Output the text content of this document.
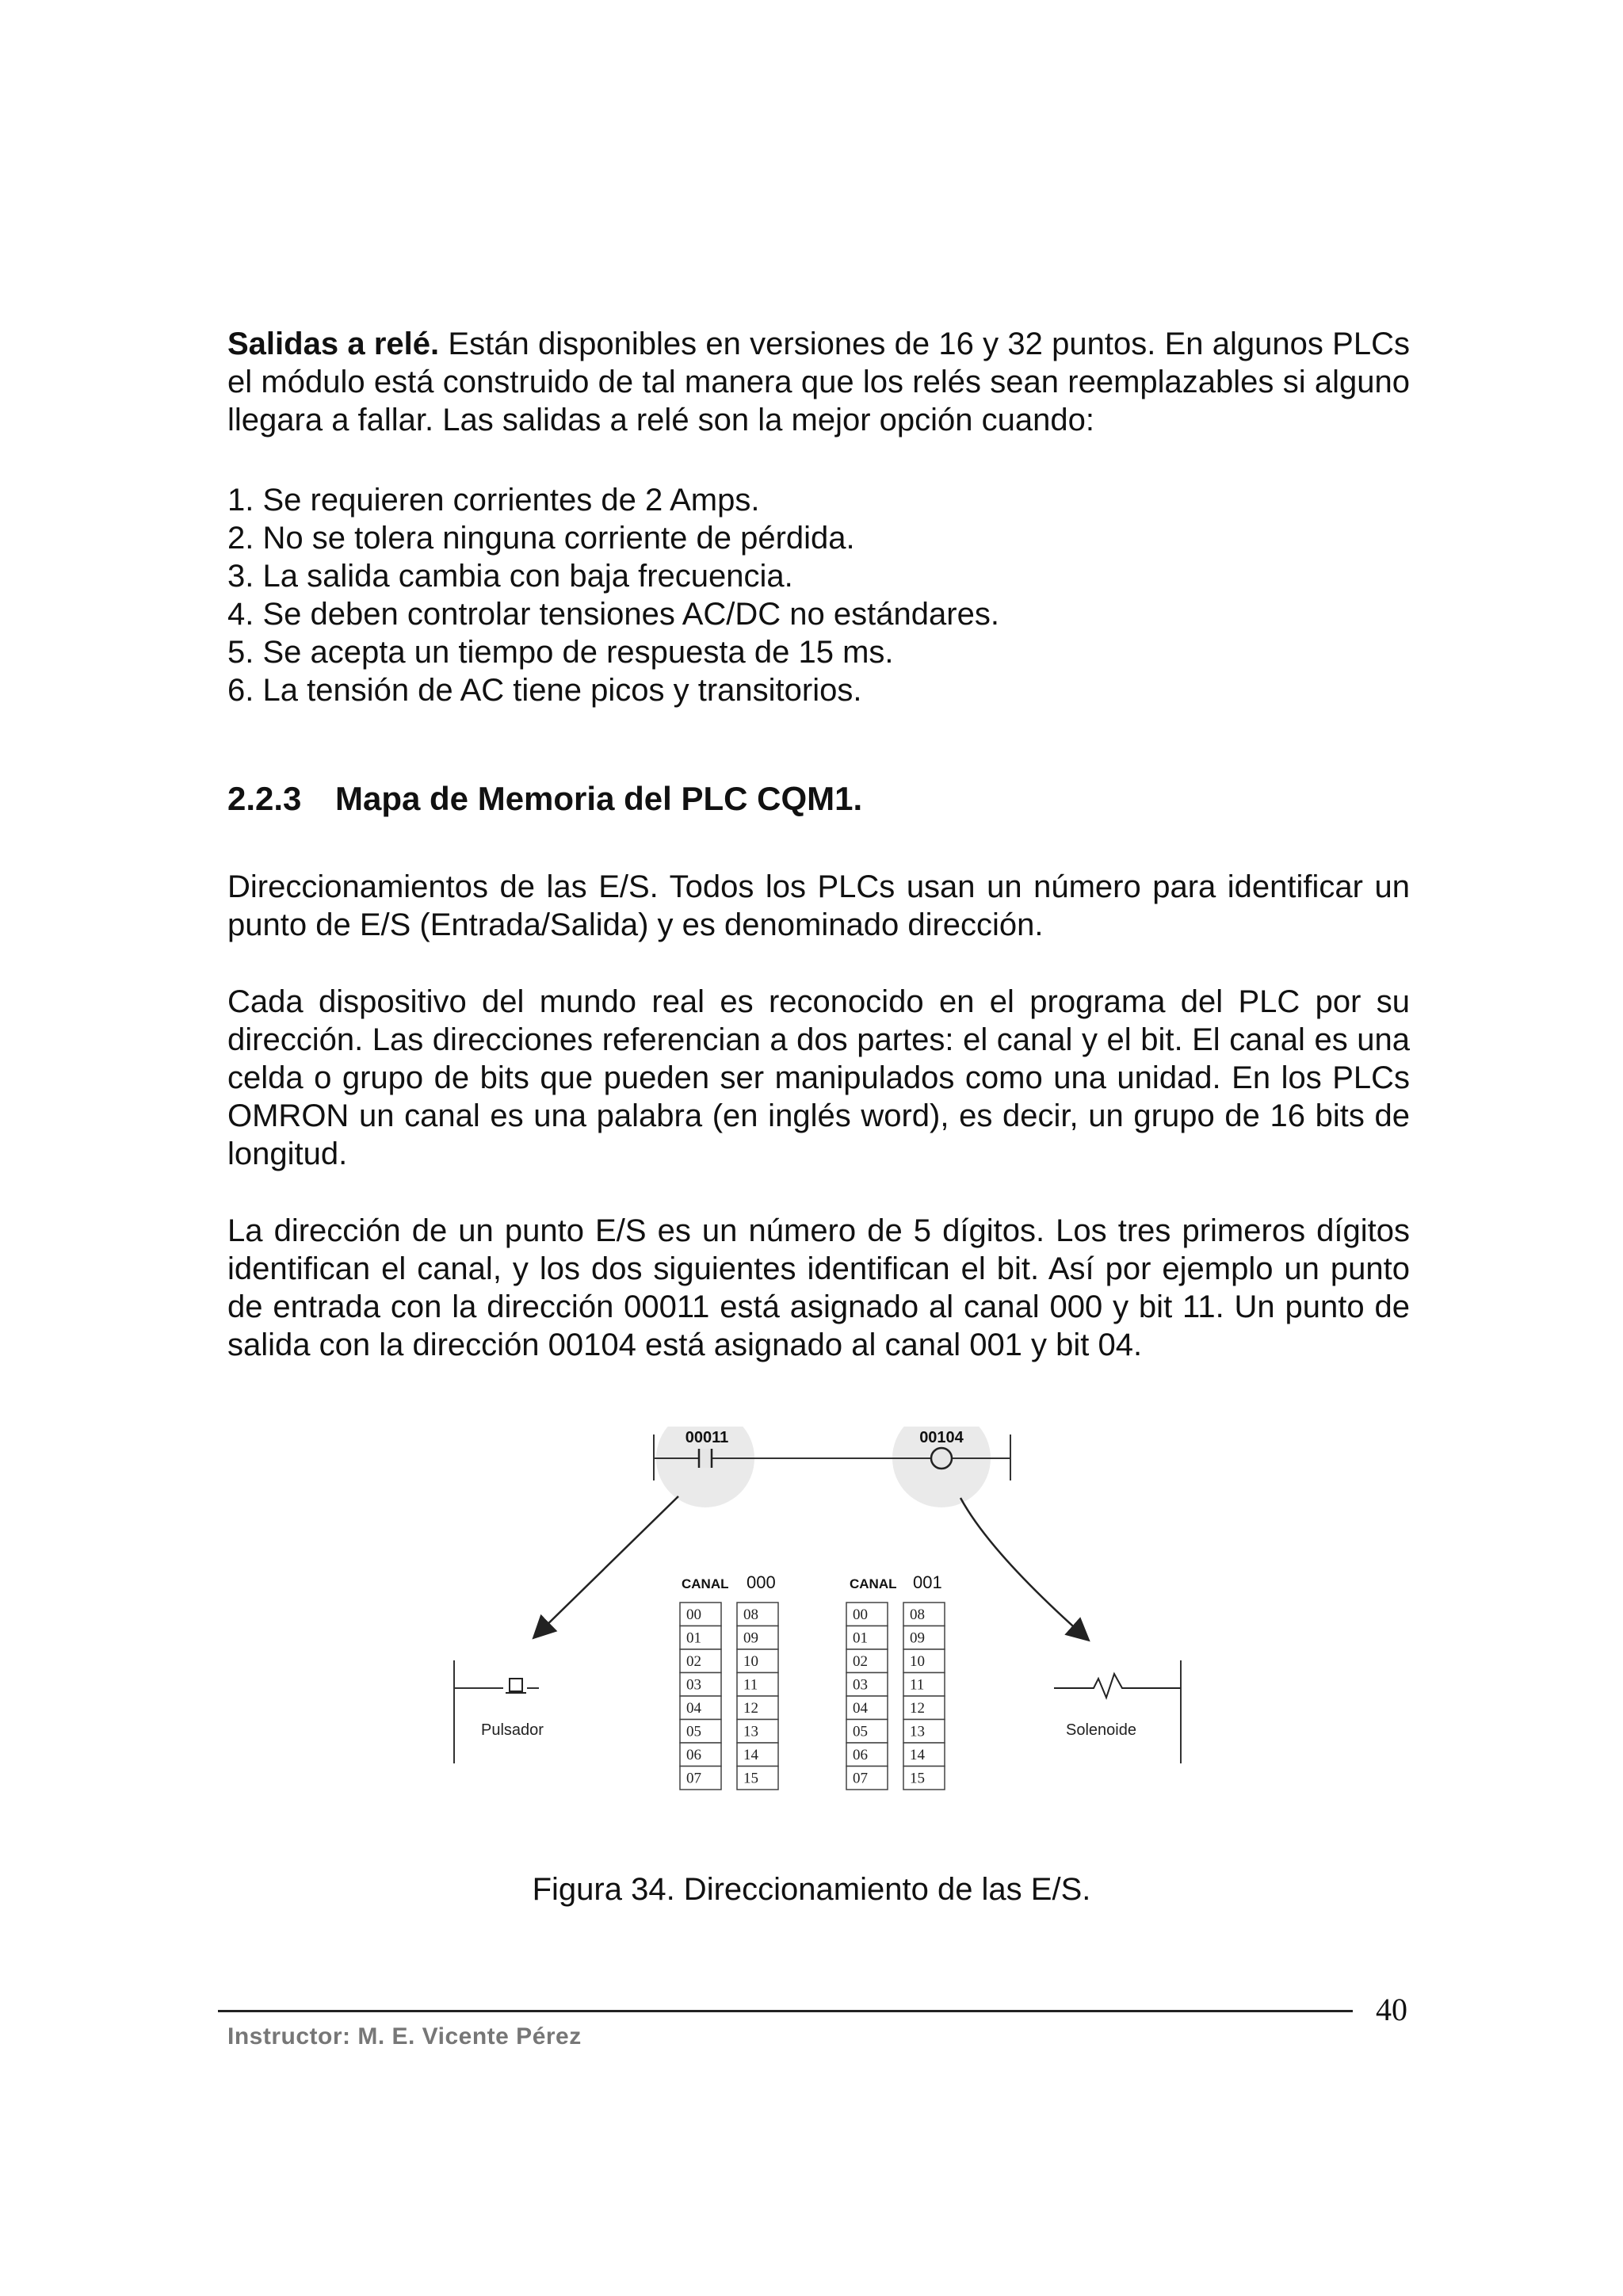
Salidas a relé. Están disponibles en versiones de 16 y 32 puntos. En algunos PLCs el módulo está construido de tal manera que los relés sean reemplazables si alguno llegara a fallar. Las salidas a relé son la mejor opción cuando:

1. Se requieren corrientes de 2 Amps.

2. No se tolera ninguna corriente de pérdida.

3. La salida cambia con baja frecuencia.

4. Se deben controlar tensiones AC/DC no estándares.

5. Se acepta un tiempo de respuesta de 15 ms.

6. La tensión de AC tiene picos y transitorios.

2.2.3 Mapa de Memoria del PLC CQM1.

Direccionamientos de las E/S. Todos los PLCs usan un número para identificar un punto de E/S (Entrada/Salida) y es denominado dirección.

Cada dispositivo del mundo real es reconocido en el programa del PLC por su dirección. Las direcciones referencian a dos partes: el canal y el bit. El canal es una celda o grupo de bits que pueden ser manipulados como una unidad. En los PLCs OMRON un canal es una palabra (en inglés word), es decir, un grupo de 16 bits de longitud.

La dirección de un punto E/S es un número de 5 dígitos. Los tres primeros dígitos identifican el canal, y los dos siguientes identifican el bit. Así por ejemplo un punto de entrada con la dirección 00011 está asignado al canal 000 y bit 11. Un punto de salida con la dirección 00104 está asignado al canal 001 y bit 04.

00011	00104
Pulsador	Solenoide
CANAL 000
00
01
02
03
04
05
06
07
08
09
10
11
12
13
14
15
CANAL 001
00
01
02
03
04
05
06
07
08
09
10
11
12
13
14
15
Figura 34. Direccionamiento de las E/S.
40
Instructor: M. E. Vicente Pérez
